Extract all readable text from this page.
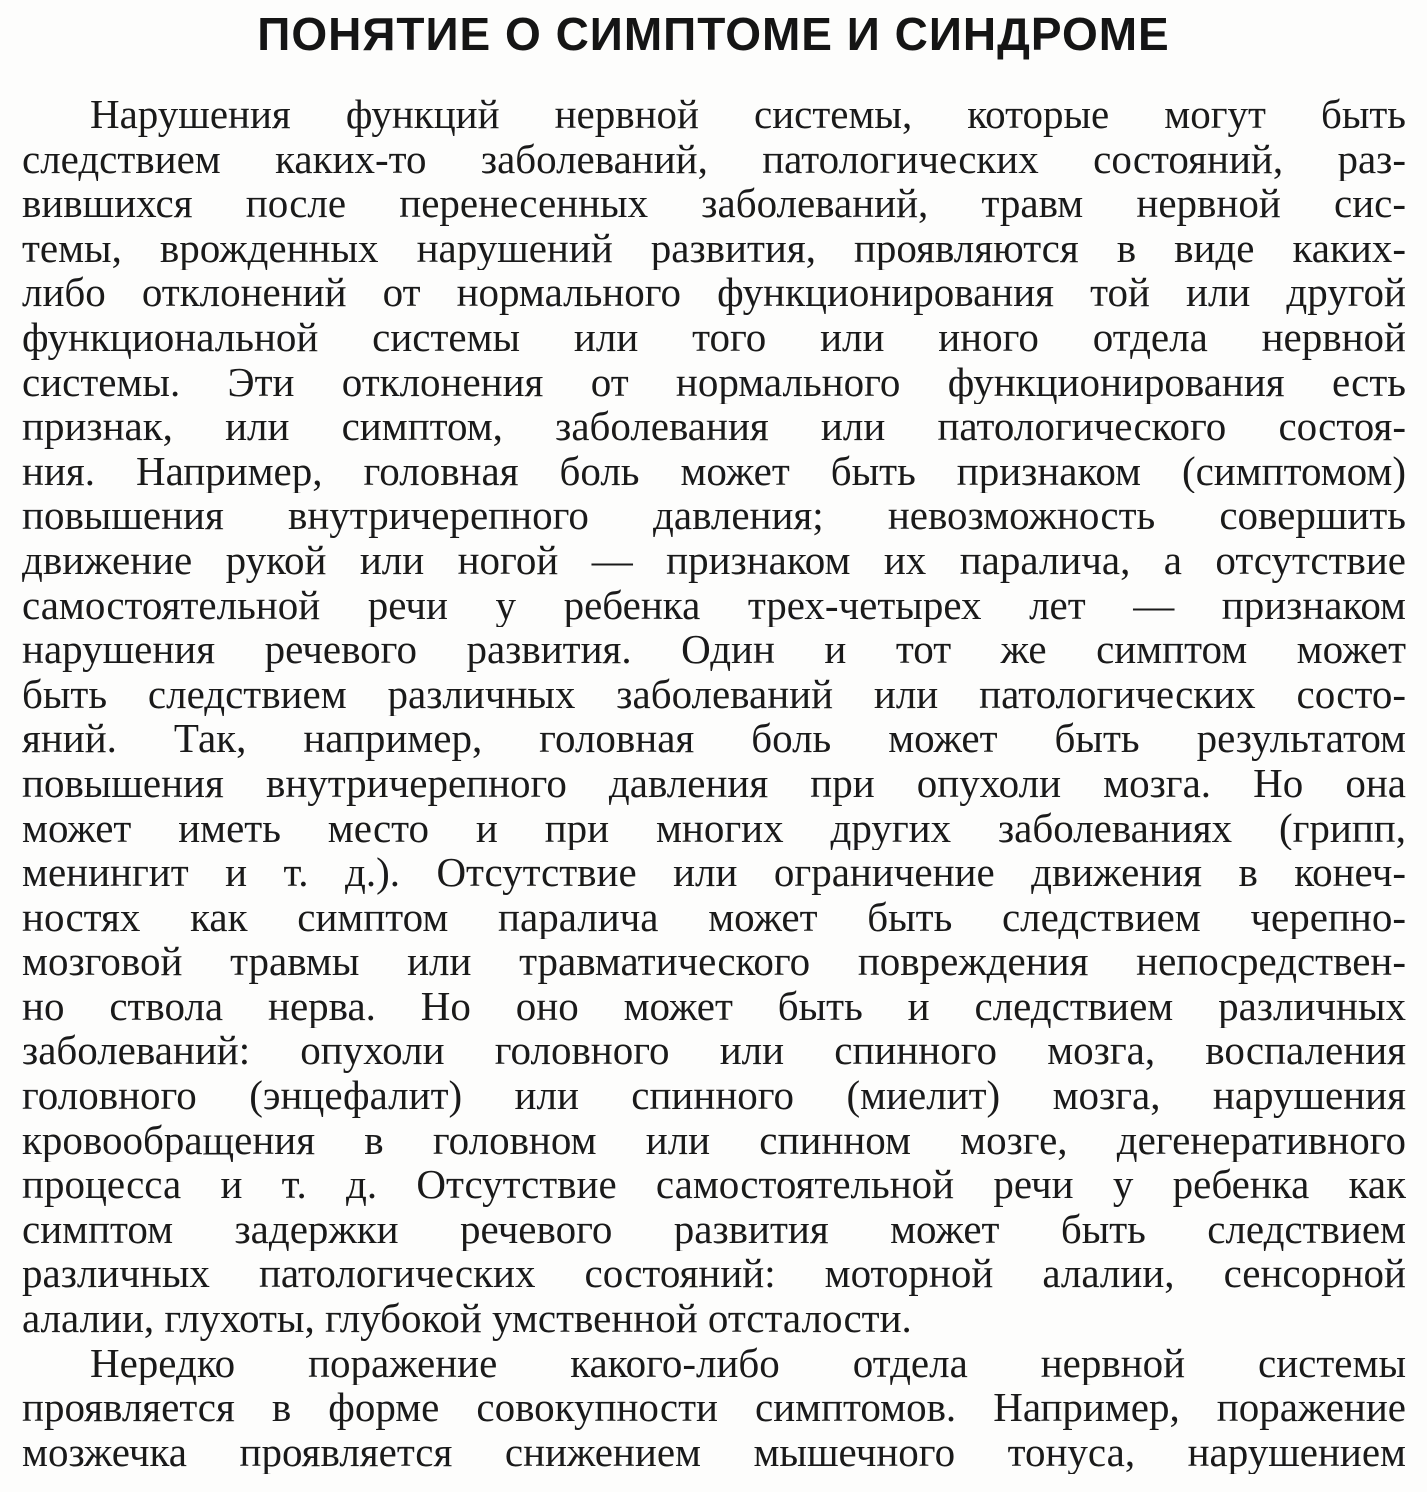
ПОНЯТИЕ О СИМПТОМЕ И СИНДРОМЕ
Нарушения функций нервной системы, которые могут быть
следствием каких-то заболеваний, патологических состояний, раз-
вившихся после перенесенных заболеваний, травм нервной сис-
темы, врожденных нарушений развития, проявляются в виде каких-
либо отклонений от нормального функционирования той или другой
функциональной системы или того или иного отдела нервной
системы. Эти отклонения от нормального функционирования есть
признак, или симптом, заболевания или патологического состоя-
ния. Например, головная боль может быть признаком (симптомом)
повышения внутричерепного давления; невозможность совершить
движение рукой или ногой — признаком их паралича, а отсутствие
самостоятельной речи у ребенка трех-четырех лет — признаком
нарушения речевого развития. Один и тот же симптом может
быть следствием различных заболеваний или патологических состо-
яний. Так, например, головная боль может быть результатом
повышения внутричерепного давления при опухоли мозга. Но она
может иметь место и при многих других заболеваниях (грипп,
менингит и т. д.). Отсутствие или ограничение движения в конеч-
ностях как симптом паралича может быть следствием черепно-
мозговой травмы или травматического повреждения непосредствен-
но ствола нерва. Но оно может быть и следствием различных
заболеваний: опухоли головного или спинного мозга, воспаления
головного (энцефалит) или спинного (миелит) мозга, нарушения
кровообращения в головном или спинном мозге, дегенеративного
процесса и т. д. Отсутствие самостоятельной речи у ребенка как
симптом задержки речевого развития может быть следствием
различных патологических состояний: моторной алалии, сенсорной
алалии, глухоты, глубокой умственной отсталости.
Нередко поражение какого-либо отдела нервной системы
проявляется в форме совокупности симптомов. Например, поражение
мозжечка проявляется снижением мышечного тонуса, нарушением
